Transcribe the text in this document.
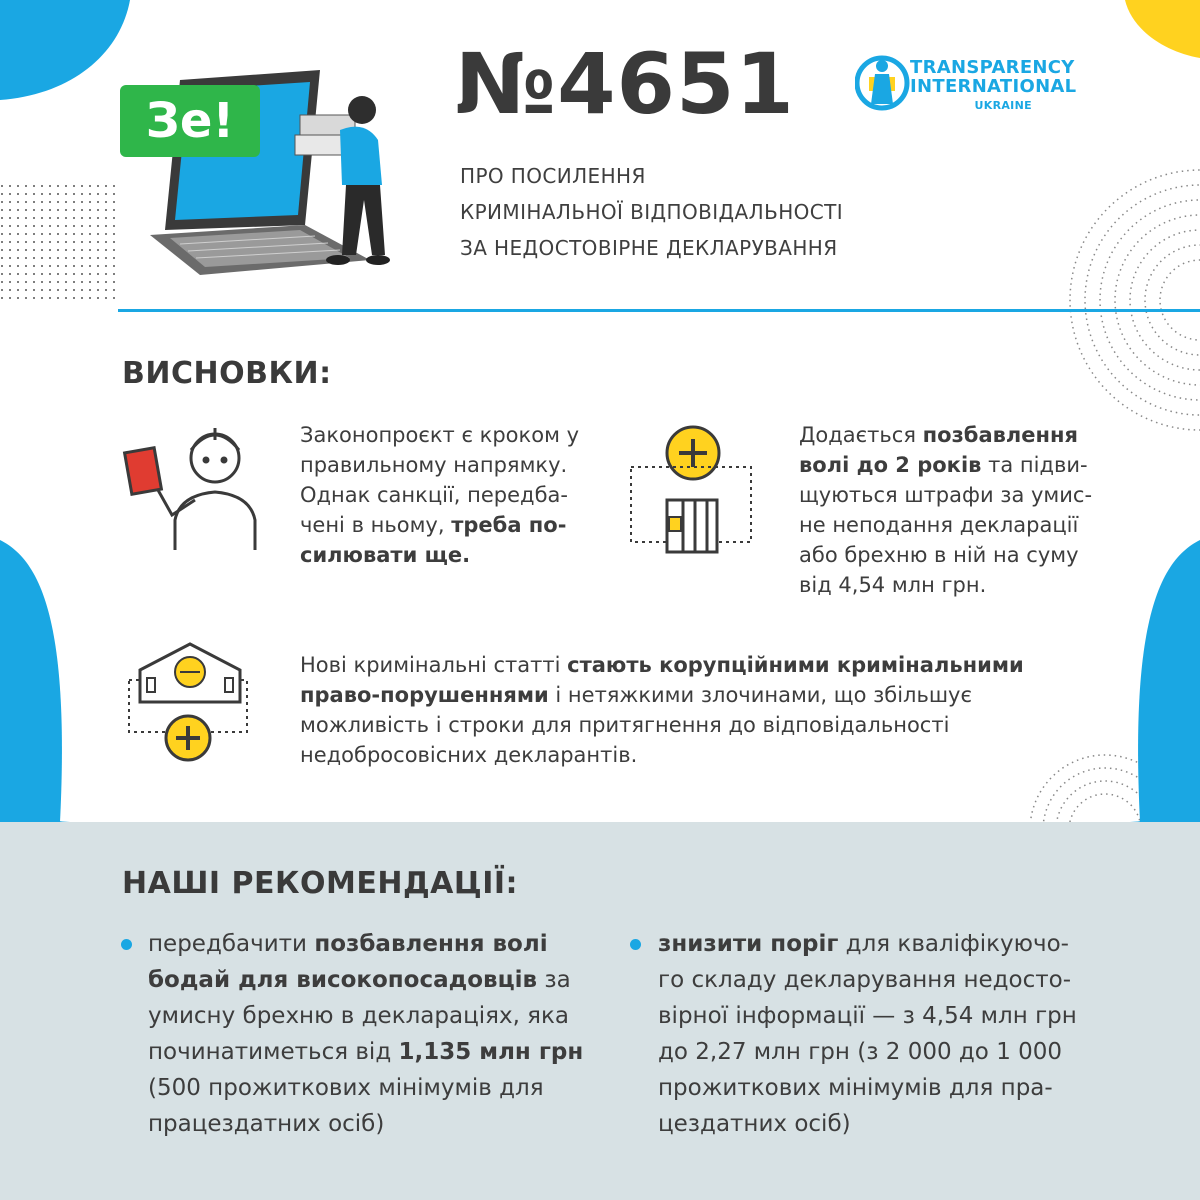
Зе!	№4651
ПРО ПОСИЛЕННЯ
КРИМІНАЛЬНОЇ ВІДПОВІДАЛЬНОСТІ
ЗА НЕДОСТОВІРНЕ ДЕКЛАРУВАННЯ
TRANSPARENCY
INTERNATIONAL
UKRAINE
ВИСНОВКИ:
Законопроєкт є кроком у правильному напрямку. Однак санкції, передба-чені в ньому, треба по-силювати ще.
Додається позбавлення волі до 2 років та підви-щуються штрафи за умис-не неподання декларації або брехню в ній на суму від 4,54 млн грн.
Нові кримінальні статті стають корупційними кримінальними право-порушеннями і нетяжкими злочинами, що збільшує можливість і строки для притягнення до відповідальності недобросовісних декларантів.
НАШІ РЕКОМЕНДАЦІЇ:
передбачити позбавлення волі бодай для високопосадовців за умисну брехню в деклараціях, яка починатиметься від 1,135 млн грн (500 прожиткових мінімумів для працездатних осіб)
знизити поріг для кваліфікуючо-го складу декларування недосто-вірної інформації — з 4,54 млн грн до 2,27 млн грн (з 2 000 до 1 000 прожиткових мінімумів для пра-цездатних осіб)
